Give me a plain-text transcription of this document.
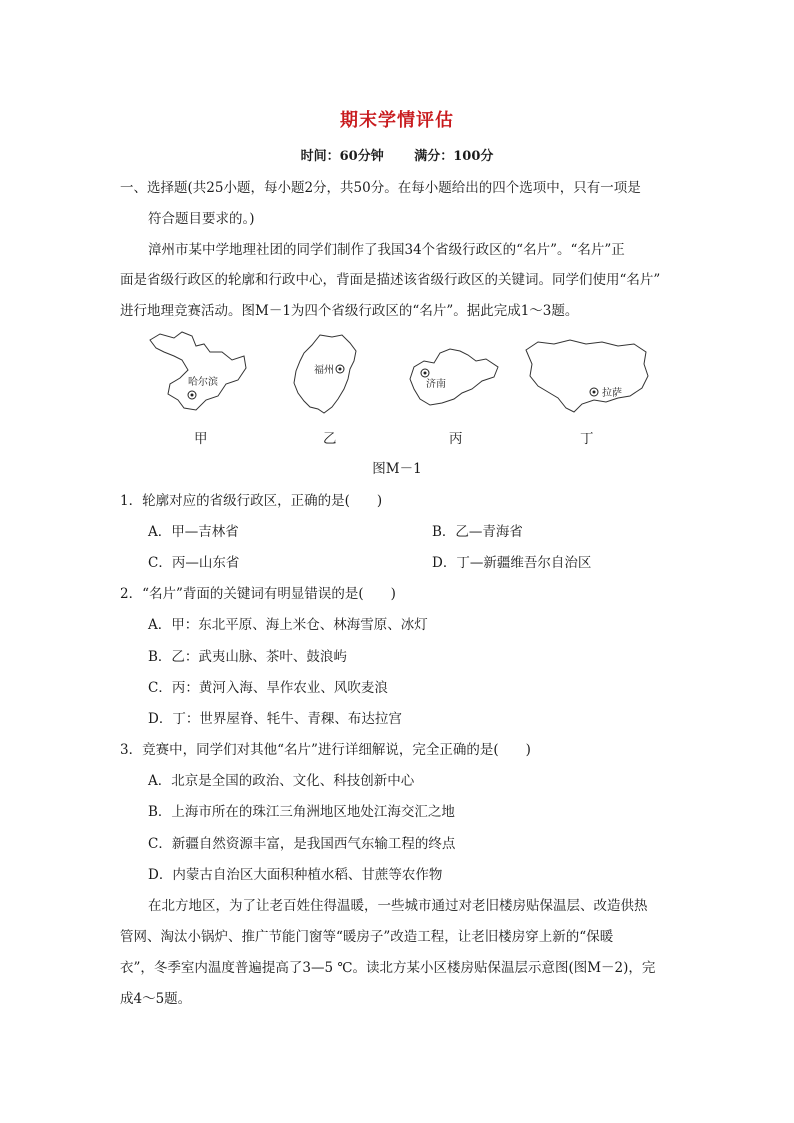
期末学情评估
时间：60分钟 满分：100分
一、选择题(共25小题，每小题2分，共50分。在每小题给出的四个选项中，只有一项是
符合题目要求的。)
漳州市某中学地理社团的同学们制作了我国34个省级行政区的“名片”。“名片”正
面是省级行政区的轮廓和行政中心，背面是描述该省级行政区的关键词。同学们使用“名片”
进行地理竞赛活动。图M－1为四个省级行政区的“名片”。据此完成1～3题。
哈尔滨
福州
济南
拉萨
甲	乙	丙	丁
图M－1
1．轮廓对应的省级行政区，正确的是(　　)
A．甲—吉林省	B．乙—青海省
C．丙—山东省	D．丁—新疆维吾尔自治区
2．“名片”背面的关键词有明显错误的是(　　)
A．甲：东北平原、海上米仓、林海雪原、冰灯
B．乙：武夷山脉、茶叶、鼓浪屿
C．丙：黄河入海、旱作农业、风吹麦浪
D．丁：世界屋脊、牦牛、青稞、布达拉宫
3．竞赛中，同学们对其他“名片”进行详细解说，完全正确的是(　　)
A．北京是全国的政治、文化、科技创新中心
B．上海市所在的珠江三角洲地区地处江海交汇之地
C．新疆自然资源丰富，是我国西气东输工程的终点
D．内蒙古自治区大面积种植水稻、甘蔗等农作物
在北方地区，为了让老百姓住得温暖，一些城市通过对老旧楼房贴保温层、改造供热
管网、淘汰小锅炉、推广节能门窗等“暖房子”改造工程，让老旧楼房穿上新的“保暖
衣”，冬季室内温度普遍提高了3—5 ℃。读北方某小区楼房贴保温层示意图(图M－2)，完
成4～5题。
